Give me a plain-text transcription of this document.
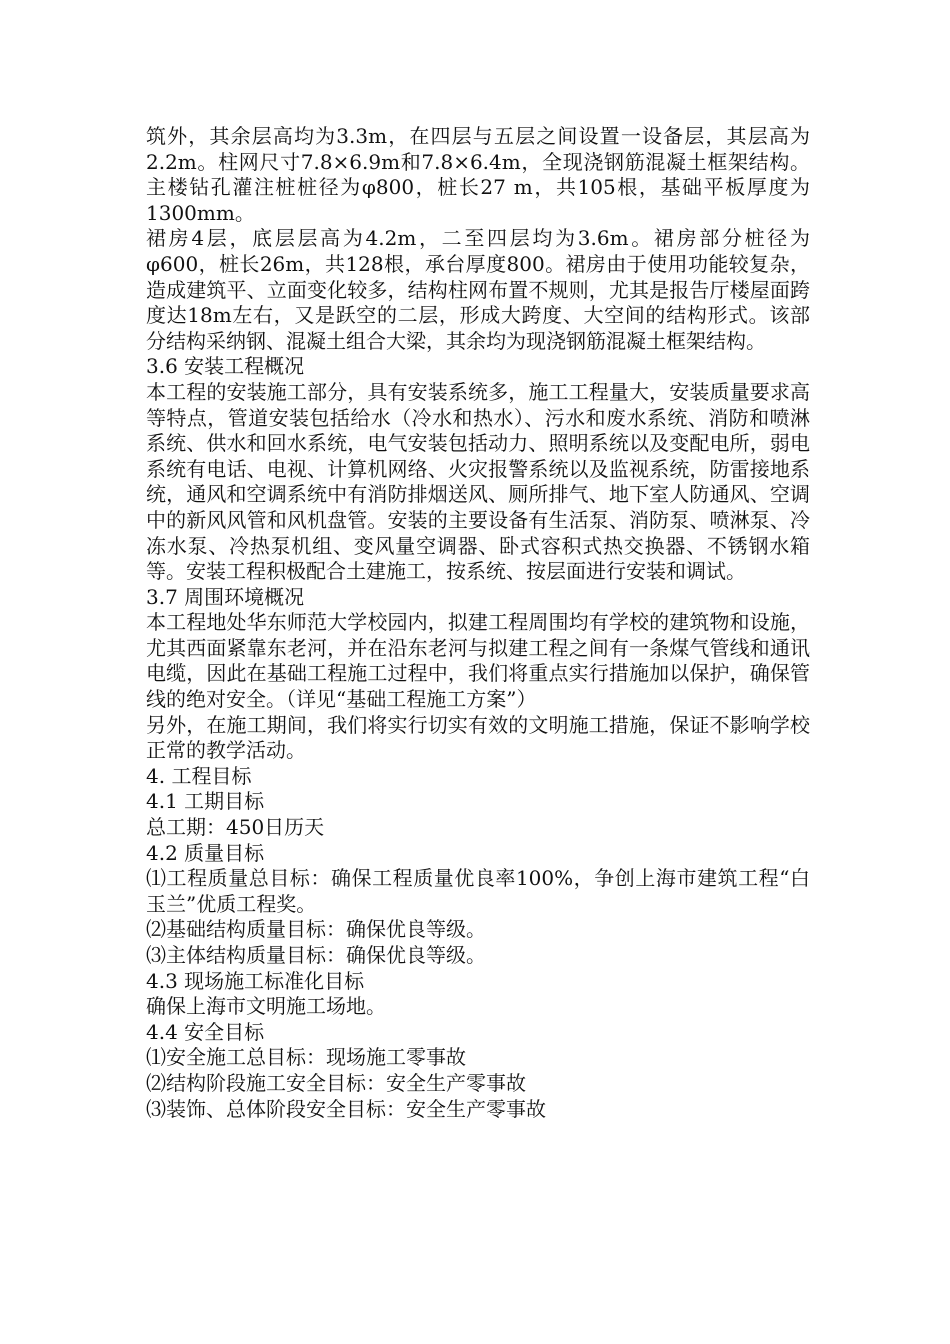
筑外，其余层高均为3.3m，在四层与五层之间设置一设备层，其层高为2.2m。柱网尺寸7.8×6.9m和7.8×6.4m，全现浇钢筋混凝土框架结构。主楼钻孔灌注桩桩径为φ800，桩长27 m，共105根，基础平板厚度为1300mm。

裙房4层，底层层高为4.2m，二至四层均为3.6m。裙房部分桩径为φ600，桩长26m，共128根，承台厚度800。裙房由于使用功能较复杂，造成建筑平、立面变化较多，结构柱网布置不规则，尤其是报告厅楼屋面跨度达18m左右，又是跃空的二层，形成大跨度、大空间的结构形式。该部分结构采纳钢、混凝土组合大梁，其余均为现浇钢筋混凝土框架结构。

3.6 安装工程概况

本工程的安装施工部分，具有安装系统多，施工工程量大，安装质量要求高等特点，管道安装包括给水（冷水和热水）、污水和废水系统、消防和喷淋系统、供水和回水系统，电气安装包括动力、照明系统以及变配电所，弱电系统有电话、电视、计算机网络、火灾报警系统以及监视系统，防雷接地系统，通风和空调系统中有消防排烟送风、厕所排气、地下室人防通风、空调中的新风风管和风机盘管。安装的主要设备有生活泵、消防泵、喷淋泵、冷冻水泵、冷热泵机组、变风量空调器、卧式容积式热交换器、不锈钢水箱等。安装工程积极配合土建施工，按系统、按层面进行安装和调试。

3.7 周围环境概况

本工程地处华东师范大学校园内，拟建工程周围均有学校的建筑物和设施，尤其西面紧靠东老河，并在沿东老河与拟建工程之间有一条煤气管线和通讯电缆，因此在基础工程施工过程中，我们将重点实行措施加以保护，确保管线的绝对安全。（详见“基础工程施工方案”）

另外，在施工期间，我们将实行切实有效的文明施工措施，保证不影响学校正常的教学活动。

4. 工程目标

4.1 工期目标

总工期：450日历天

4.2 质量目标

⑴工程质量总目标：确保工程质量优良率100%，争创上海市建筑工程“白玉兰”优质工程奖。

⑵基础结构质量目标：确保优良等级。

⑶主体结构质量目标：确保优良等级。

4.3 现场施工标准化目标

确保上海市文明施工场地。

4.4 安全目标

⑴安全施工总目标：现场施工零事故

⑵结构阶段施工安全目标：安全生产零事故

⑶装饰、总体阶段安全目标：安全生产零事故
